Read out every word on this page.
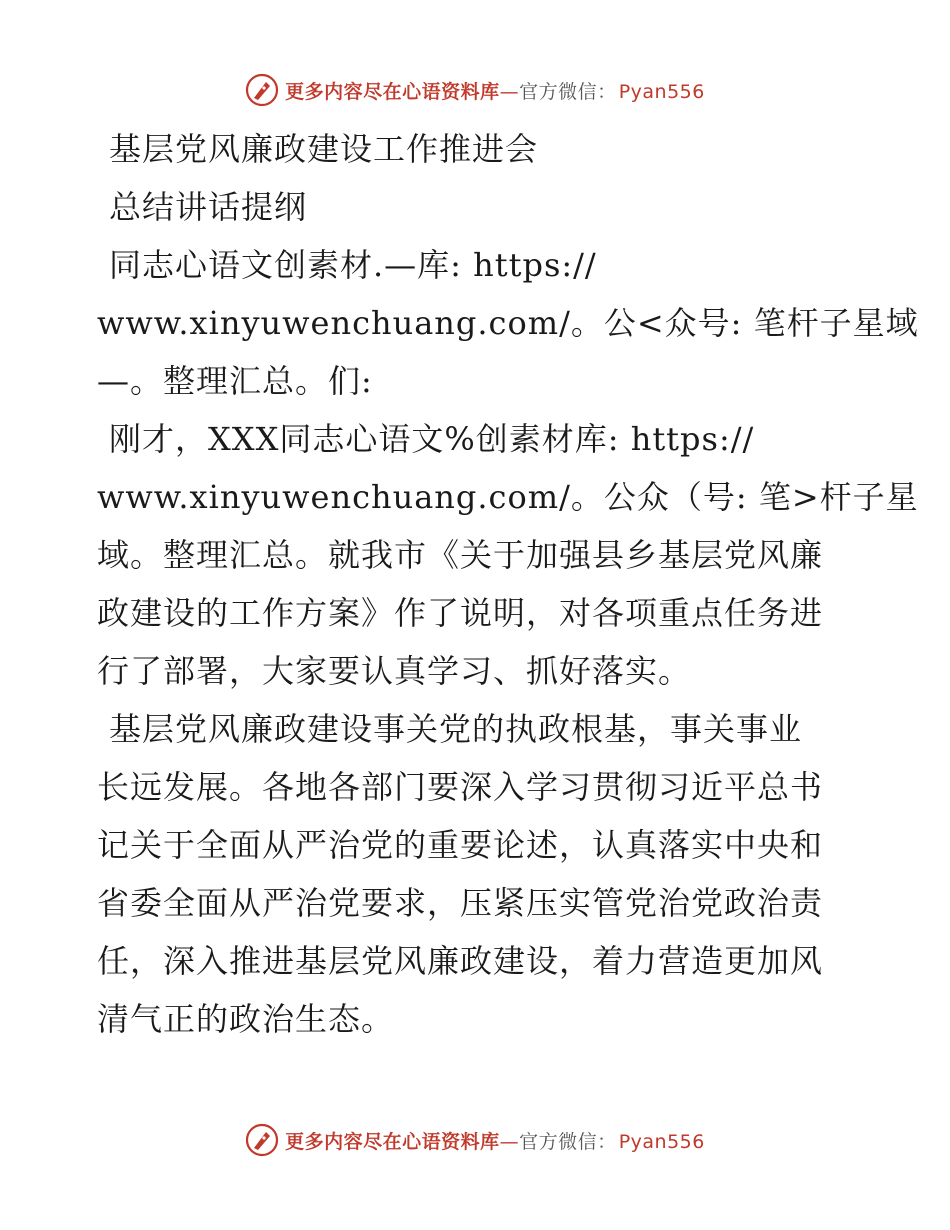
更多内容尽在心语资料库—官方微信： Pyan556
基层党风廉政建设工作推进会
总结讲话提纲
同志心语文创素材.—库: https://
www.xinyuwenchuang.com/。公<众号: 笔杆子星域
—。整理汇总。们:
刚才，XXX同志心语文%创素材库: https://
www.xinyuwenchuang.com/。公众（号: 笔>杆子星
域。整理汇总。就我市《关于加强县乡基层党风廉
政建设的工作方案》作了说明，对各项重点任务进
行了部署，大家要认真学习、抓好落实。
基层党风廉政建设事关党的执政根基，事关事业
长远发展。各地各部门要深入学习贯彻习近平总书
记关于全面从严治党的重要论述，认真落实中央和
省委全面从严治党要求，压紧压实管党治党政治责
任，深入推进基层党风廉政建设，着力营造更加风
清气正的政治生态。
更多内容尽在心语资料库—官方微信： Pyan556
